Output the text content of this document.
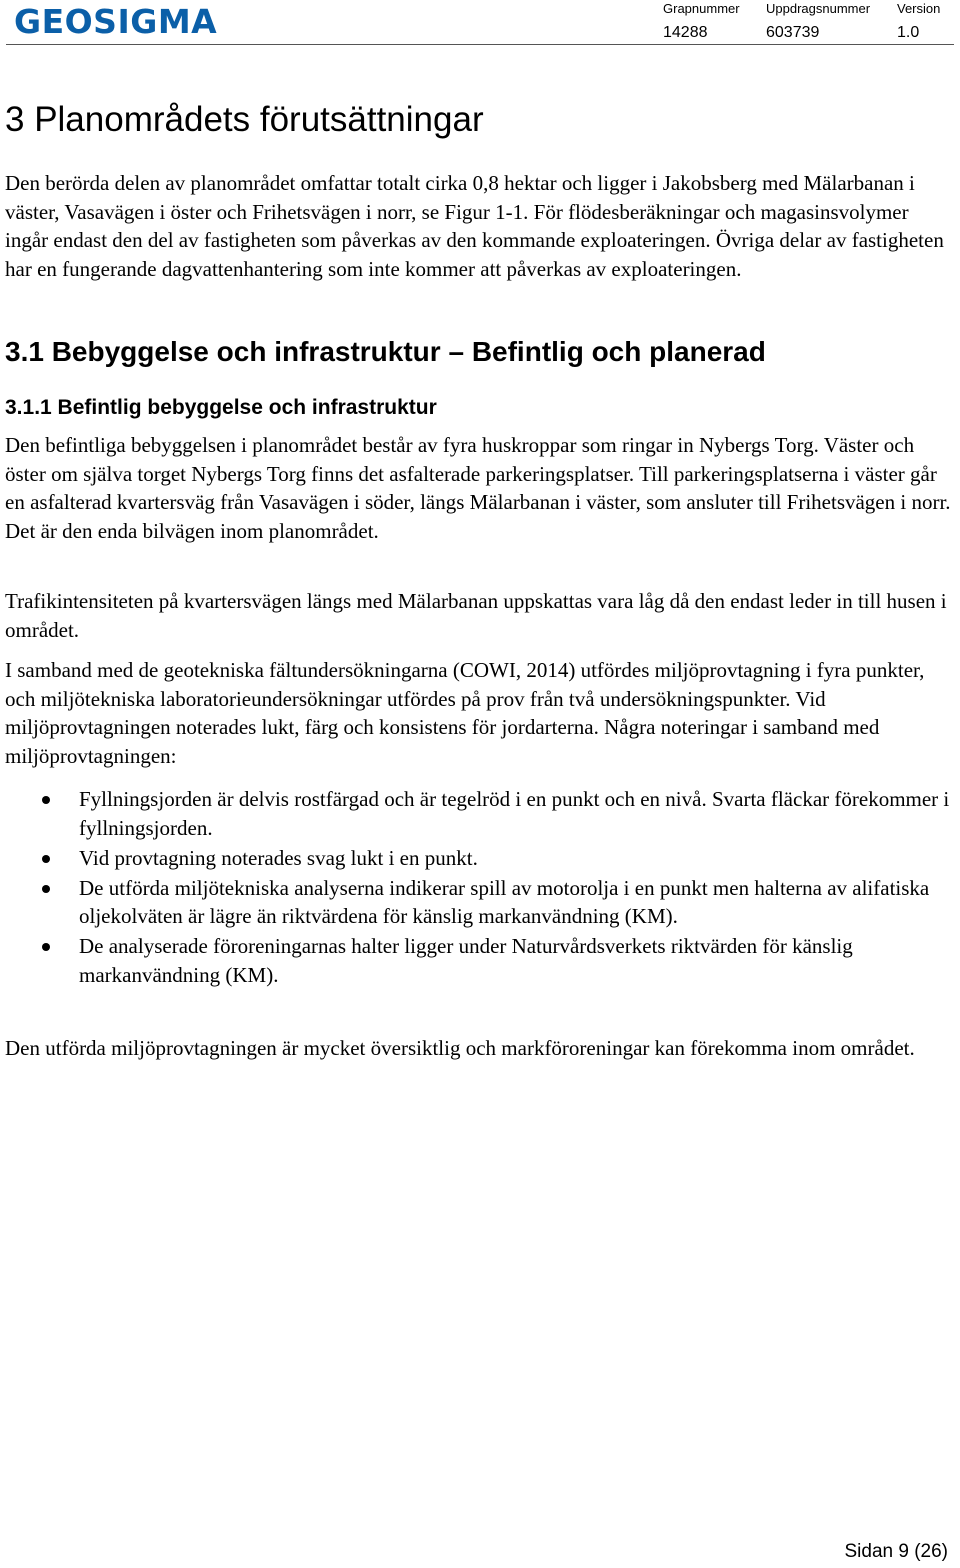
GEOSIGMA	Grapnummer
14288
Uppdragsnummer
603739
Version
1.0
3 Planområdets förutsättningar

Den berörda delen av planområdet omfattar totalt cirka 0,8 hektar och ligger i Jakobsberg med Mälarbanan i väster, Vasavägen i öster och Frihetsvägen i norr, se Figur 1-1. För flödesberäkningar och magasinsvolymer ingår endast den del av fastigheten som påverkas av den kommande exploateringen. Övriga delar av fastigheten har en fungerande dagvattenhantering som inte kommer att påverkas av exploateringen.

3.1 Bebyggelse och infrastruktur – Befintlig och planerad
3.1.1 Befintlig bebyggelse och infrastruktur

Den befintliga bebyggelsen i planområdet består av fyra huskroppar som ringar in Nybergs Torg. Väster och öster om själva torget Nybergs Torg finns det asfalterade parkeringsplatser. Till parkeringsplatserna i väster går en asfalterad kvartersväg från Vasavägen i söder, längs Mälarbanan i väster, som ansluter till Frihetsvägen i norr. Det är den enda bilvägen inom planområdet.

Trafikintensiteten på kvartersvägen längs med Mälarbanan uppskattas vara låg då den endast leder in till husen i området.

I samband med de geotekniska fältundersökningarna (COWI, 2014) utfördes miljöprovtagning i fyra punkter, och miljötekniska laboratorieundersökningar utfördes på prov från två undersökningspunkter. Vid miljöprovtagningen noterades lukt, färg och konsistens för jordarterna. Några noteringar i samband med miljöprovtagningen:

Fyllningsjorden är delvis rostfärgad och är tegelröd i en punkt och en nivå. Svarta fläckar förekommer i fyllningsjorden.
Vid provtagning noterades svag lukt i en punkt.
De utförda miljötekniska analyserna indikerar spill av motorolja i en punkt men halterna av alifatiska oljekolväten är lägre än riktvärdena för känslig markanvändning (KM).
De analyserade föroreningarnas halter ligger under Naturvårdsverkets riktvärden för känslig markanvändning (KM).

Den utförda miljöprovtagningen är mycket översiktlig och markföroreningar kan förekomma inom området.

Sidan 9 (26)
